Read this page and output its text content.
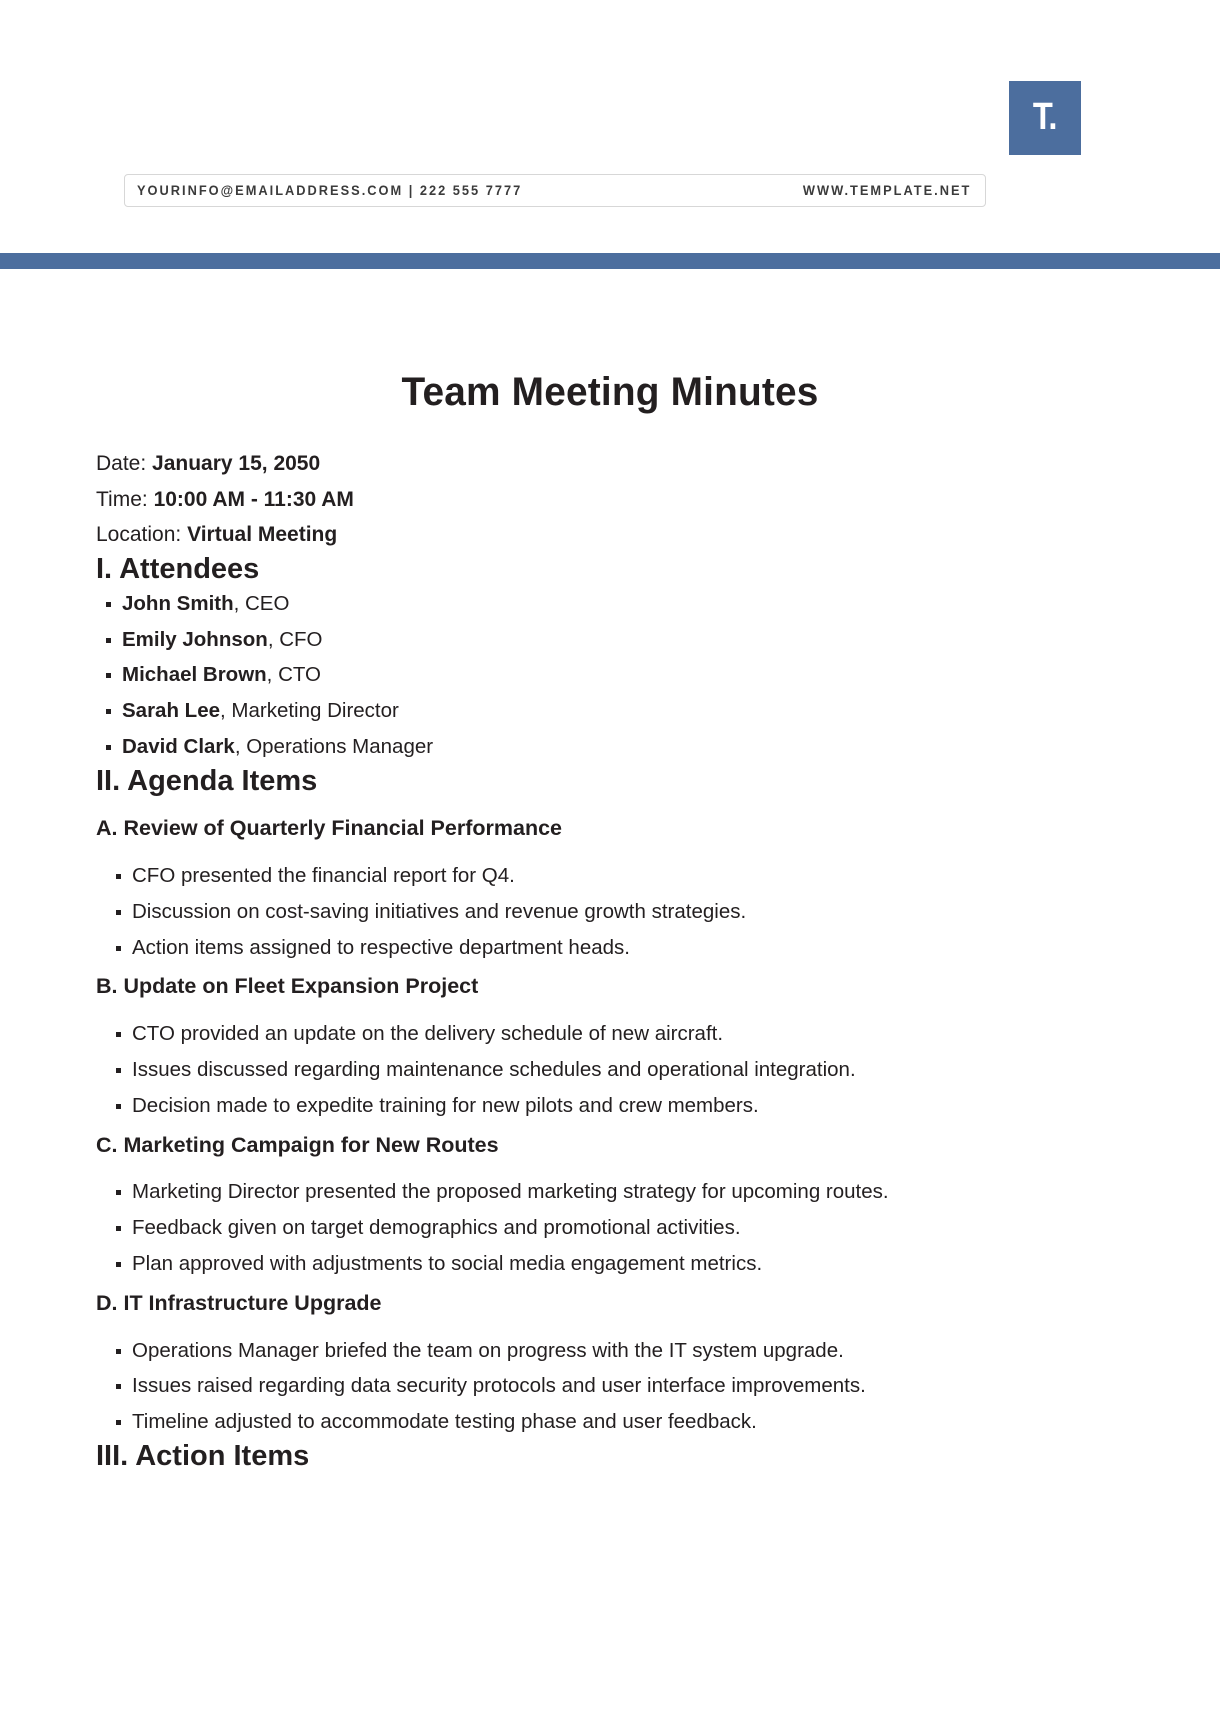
T.
YOURINFO@EMAILADDRESS.COM | 222 555 7777	WWW.TEMPLATE.NET
Team Meeting Minutes
Date: January 15, 2050
Time: 10:00 AM - 11:30 AM
Location: Virtual Meeting
I. Attendees
John Smith, CEO
Emily Johnson, CFO
Michael Brown, CTO
Sarah Lee, Marketing Director
David Clark, Operations Manager
II. Agenda Items
A. Review of Quarterly Financial Performance
CFO presented the financial report for Q4.
Discussion on cost-saving initiatives and revenue growth strategies.
Action items assigned to respective department heads.
B. Update on Fleet Expansion Project
CTO provided an update on the delivery schedule of new aircraft.
Issues discussed regarding maintenance schedules and operational integration.
Decision made to expedite training for new pilots and crew members.
C. Marketing Campaign for New Routes
Marketing Director presented the proposed marketing strategy for upcoming routes.
Feedback given on target demographics and promotional activities.
Plan approved with adjustments to social media engagement metrics.
D. IT Infrastructure Upgrade
Operations Manager briefed the team on progress with the IT system upgrade.
Issues raised regarding data security protocols and user interface improvements.
Timeline adjusted to accommodate testing phase and user feedback.
III. Action Items
